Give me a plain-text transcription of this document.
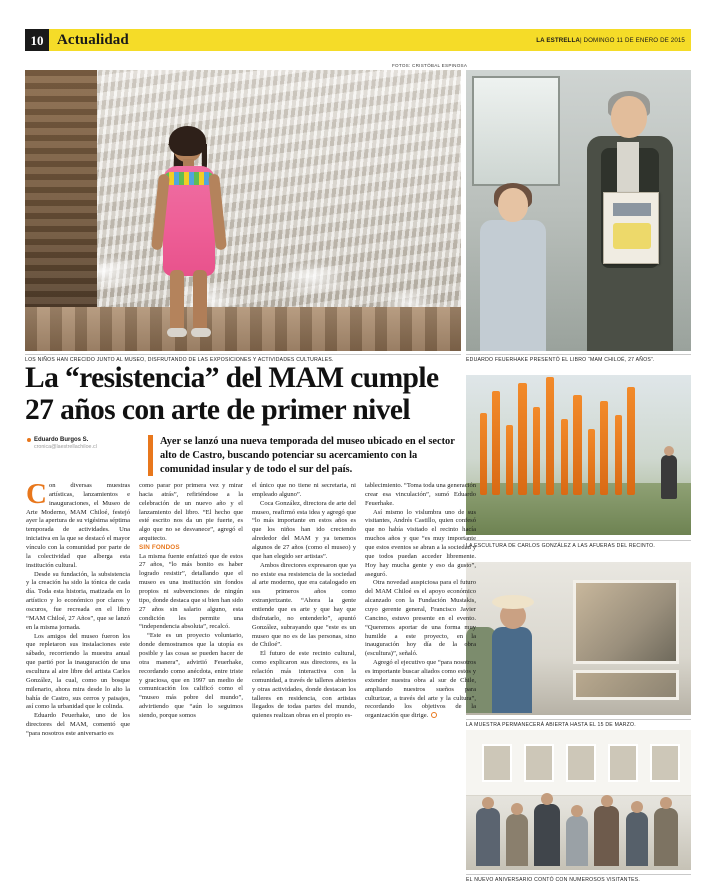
10 Actualidad	LA ESTRELLA| DOMINGO 11 DE ENERO DE 2015
FOTOS: CRISTÓBAL ESPINOSA
LOS NIÑOS HAN CRECIDO JUNTO AL MUSEO, DISFRUTANDO DE LAS EXPOSICIONES Y ACTIVIDADES CULTURALES.	EDUARDO FEUERHAKE PRESENTÓ EL LIBRO “MAM CHILOÉ, 27 AÑOS”.
LA ESCULTURA DE CARLOS GONZÁLEZ A LAS AFUERAS DEL RECINTO.
LA MUESTRA PERMANECERÁ ABIERTA HASTA EL 15 DE MARZO.
EL NUEVO ANIVERSARIO CONTÓ CON NUMEROSOS VISITANTES.
La “resistencia” del MAM cumple
27 años con arte de primer nivel
Eduardo Burgos S.
cronica@laestrellachiloe.cl	Ayer se lanzó una nueva temporada del museo ubicado en el sector alto de Castro, buscando potenciar su acercamiento con la comunidad insular y de todo el sur del país.

Con diversas muestras artísticas, lanzamientos e inauguraciones, el Museo de Arte Moderno, MAM Chiloé, festejó ayer la apertura de su vigésima séptima temporada de actividades. Una iniciativa en la que se destacó el mayor vínculo con la comunidad por parte de la colectividad que alberga esta institución cultural.

Desde su fundación, la subsistencia y la creación ha sido la tónica de cada día. Toda esta historia, matizada en lo artístico y lo económico por claros y oscuros, fue recreada en el libro “MAM Chiloé, 27 Años”, que se lanzó en la misma jornada.

Los amigos del museo fueron los que repletaron sus instalaciones este sábado, recorriendo la muestra anual que partió por la inauguración de una escultura al aire libre del artista Carlos González, la cual, como un bosque milenario, ahora mira desde lo alto la bahía de Castro, sus cerros y paisajes, así como la urbanidad que le colinda.

Eduardo Feuerhake, uno de los directores del MAM, comentó que “para nosotros este aniversario es

como parar por primera vez y mirar hacia atrás”, refiriéndose a la celebración de un nuevo año y el lanzamiento del libro. “El hecho que esté escrito nos da un pie fuerte, es algo que no se desvanece”, agregó el arquitecto.

SIN FONDOS

La misma fuente enfatizó que de estos 27 años, “lo más bonito es haber logrado resistir”, detallando que el museo es una institución sin fondos propios ni subvenciones de ningún tipo, donde destaca que si bien han sido 27 años sin salario alguno, esta condición les permite una “independencia absoluta”, recalcó.

“Este es un proyecto voluntario, donde demostramos que la utopía es posible y las cosas se pueden hacer de otra manera”, advirtió Feuerhake, recordando como anécdota, entre triste y graciosa, que en 1997 un medio de comunicación los calificó como el “museo más pobre del mundo”, advirtiendo que “aún lo seguimos siendo, porque somos

el único que no tiene ni secretaria, ni empleado alguno”.

Coca González, directora de arte del museo, reafirmó esta idea y agregó que “lo más importante en estos años es que los niños han ido creciendo alrededor del MAM y ya tenemos algunos de 27 años (como el museo) y que han elegido ser artistas”.

Ambos directores expresaron que ya no existe esa resistencia de la sociedad al arte moderno, que era catalogado en sus primeros años como extranjerizante. “Ahora la gente entiende que es arte y que hay que disfrutarlo, no entenderlo”, apuntó González, subrayando que “este es un museo que no es de las personas, sino de Chiloé”.

El futuro de este recinto cultural, como explicaron sus directores, es la relación más interactiva con la comunidad, a través de talleres abiertos y otras actividades, donde destacan los talleres en residencia, con artistas llegados de todas partes del mundo, quienes realizan obras en el propio es-

tablecimiento. “Toma toda una generación crear esa vinculación”, sumó Eduardo Feuerhake.

Así mismo lo vislumbra uno de sus visitantes, Andrés Castillo, quien confesó que no había visitado el recinto hacía muchos años y que “es muy importante que estos eventos se abran a la sociedad y que todos puedan acceder libremente. Hoy hay mucha gente y eso da gusto”, aseguró.

Otra novedad auspiciosa para el futuro del MAM Chiloé es el apoyo económico alcanzado con la Fundación Mustakis, cuyo gerente general, Francisco Javier Cancino, estuvo presente en el evento. “Queremos aportar de una forma muy humilde a este proyecto, en la inauguración hoy día de la obra (escultura)”, señaló.

Agregó el ejecutivo que “para nosotros es importante buscar aliados como estos y extender nuestra obra al sur de Chile, ampliando nuestros sueños para culturizar, a través del arte y la cultura”, recordando los objetivos de la organización que dirige.
